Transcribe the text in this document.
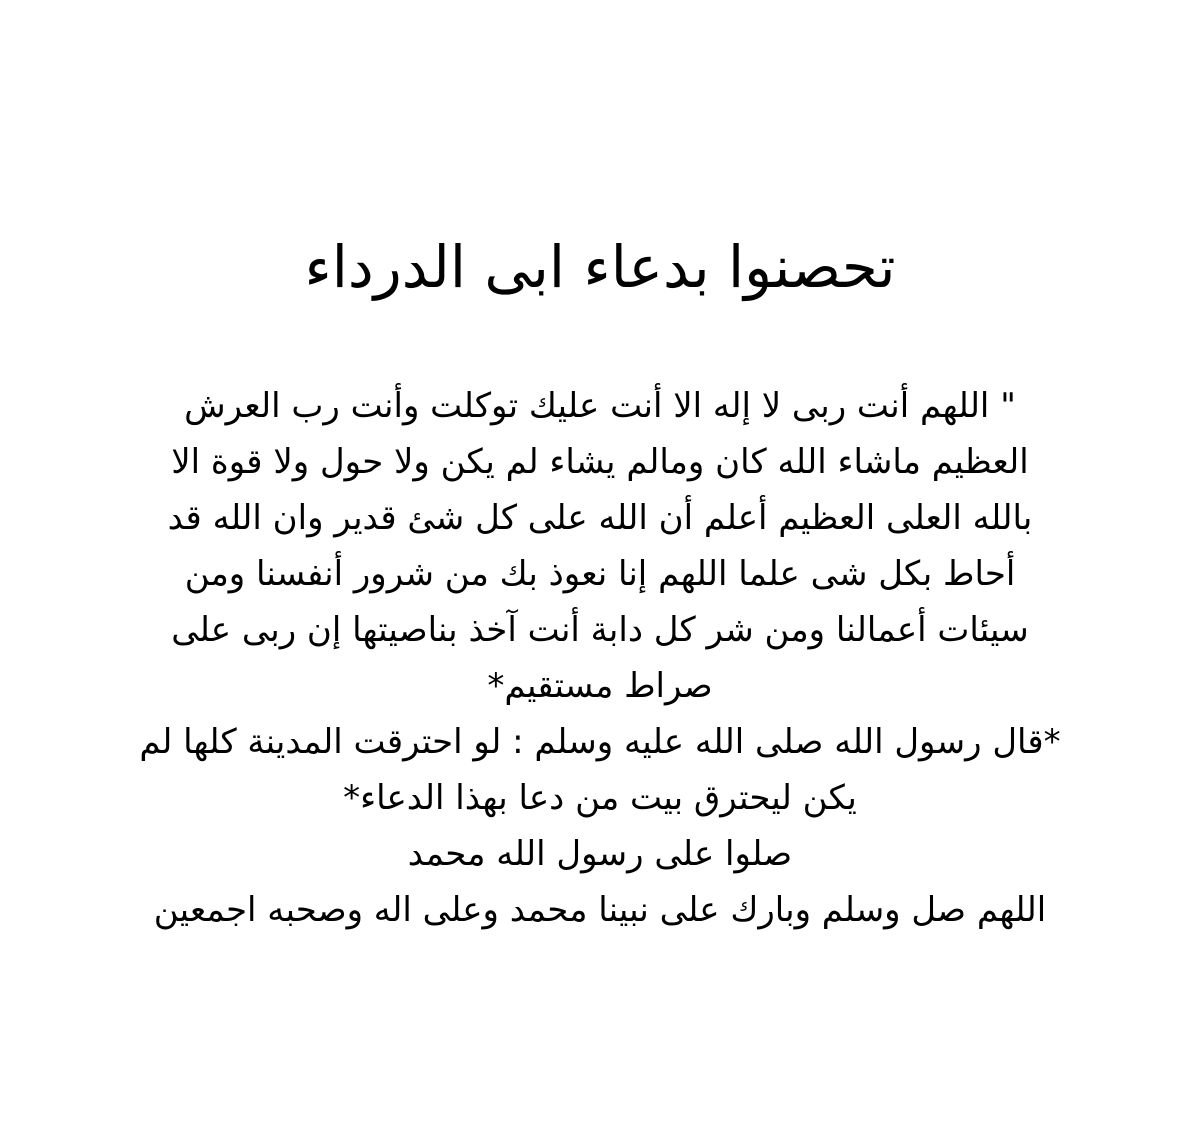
تحصنوا بدعاء ابى الدرداء
" اللهم أنت ربى لا إله الا أنت عليك توكلت وأنت رب العرش
العظيم ماشاء الله كان ومالم يشاء لم يكن ولا حول ولا قوة الا
بالله العلى العظيم أعلم أن الله على كل شئ قدير وان الله قد
أحاط بكل شى علما اللهم إنا نعوذ بك من شرور أنفسنا ومن
سيئات أعمالنا ومن شر كل دابة أنت آخذ بناصيتها إن ربى على
صراط مستقيم*
*قال رسول الله صلى الله عليه وسلم : لو احترقت المدينة كلها لم
يكن ليحترق بيت من دعا بهذا الدعاء*
صلوا على رسول الله محمد
اللهم صل وسلم وبارك على نبينا محمد وعلى اله وصحبه اجمعين
